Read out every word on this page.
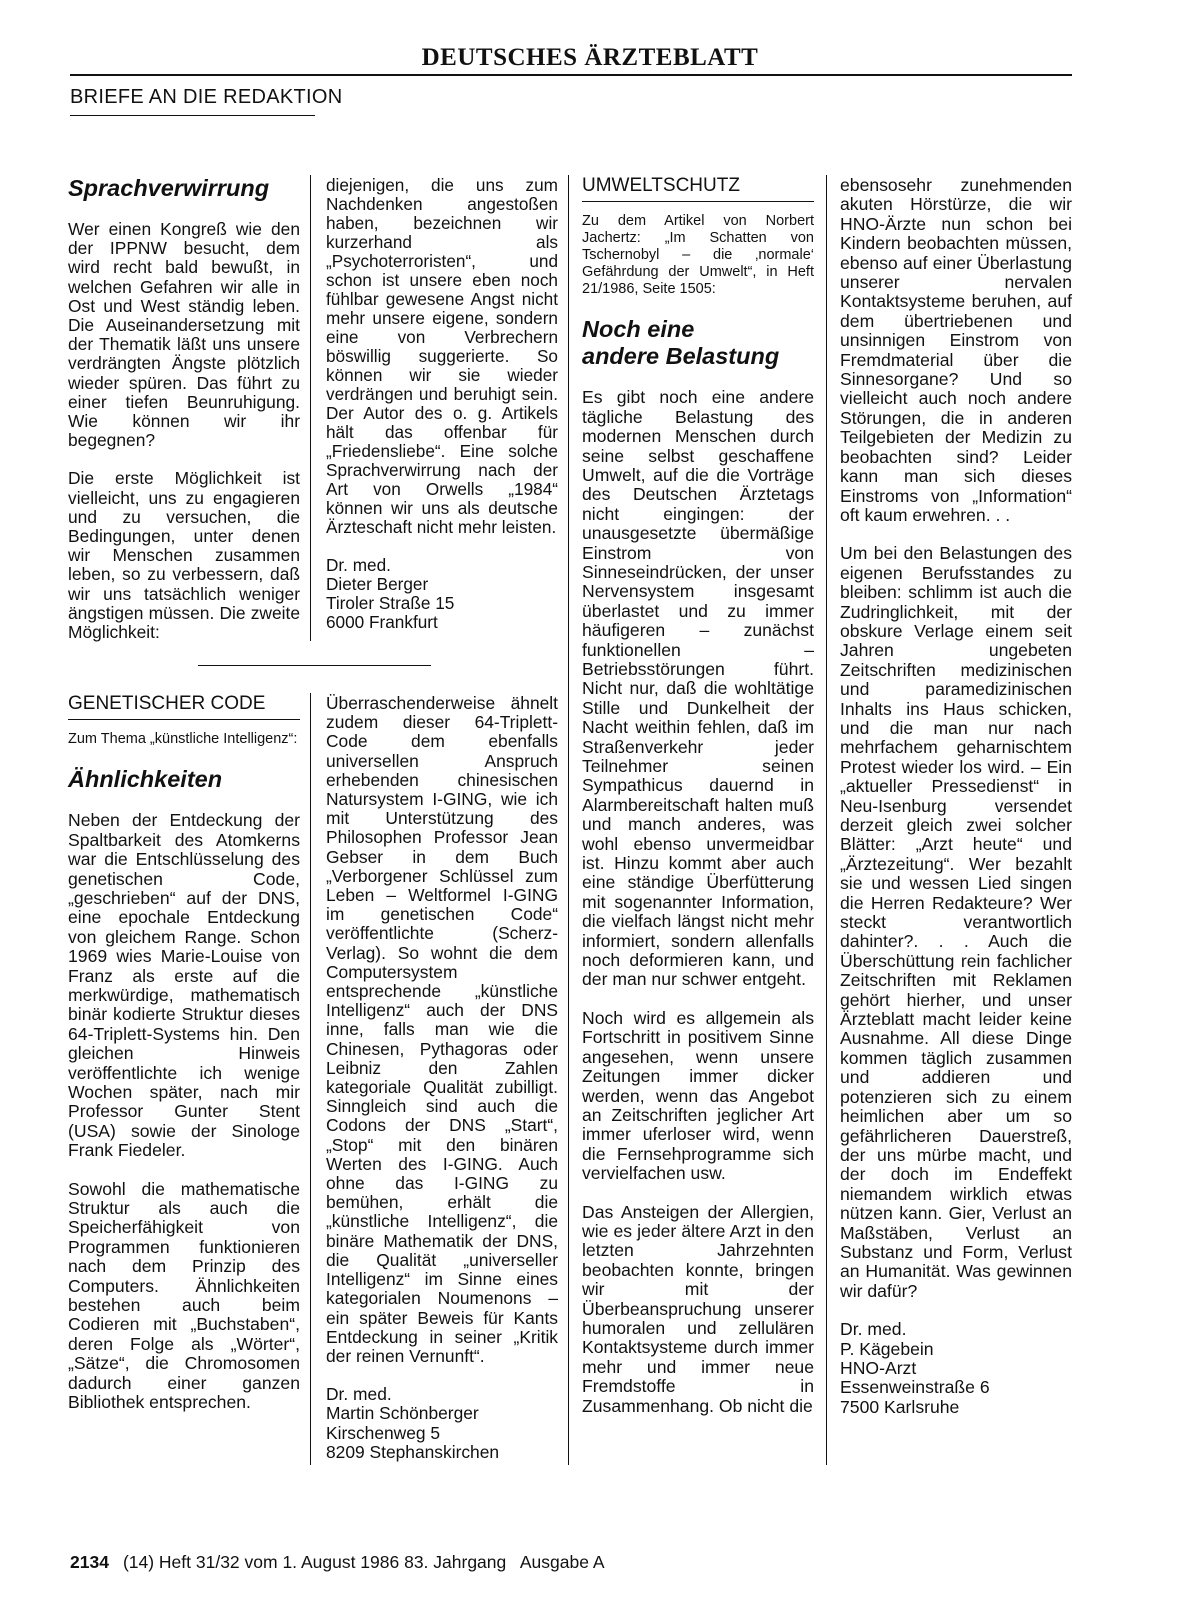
DEUTSCHES ÄRZTEBLATT
BRIEFE AN DIE REDAKTION
Sprachverwirrung

Wer einen Kongreß wie den der IPPNW besucht, dem wird recht bald bewußt, in welchen Gefahren wir alle in Ost und West ständig leben. Die Auseinandersetzung mit der Thematik läßt uns unsere verdrängten Ängste plötzlich wieder spüren. Das führt zu einer tiefen Beunruhigung. Wie können wir ihr begegnen?

Die erste Möglichkeit ist vielleicht, uns zu engagieren und zu versuchen, die Bedingungen, unter denen wir Menschen zusammen leben, so zu verbessern, daß wir uns tatsächlich weniger ängstigen müssen. Die zweite Möglichkeit:

diejenigen, die uns zum Nachdenken angestoßen haben, bezeichnen wir kurzerhand als „Psychoterroristen“, und schon ist unsere eben noch fühlbar gewesene Angst nicht mehr unsere eigene, sondern eine von Verbrechern böswillig suggerierte. So können wir sie wieder verdrängen und beruhigt sein. Der Autor des o. g. Artikels hält das offenbar für „Friedensliebe“. Eine solche Sprachverwirrung nach der Art von Orwells „1984“ können wir uns als deutsche Ärzteschaft nicht mehr leisten.

Dr. med.
Dieter Berger
Tiroler Straße 15
6000 Frankfurt
GENETISCHER CODE
Zum Thema „künstliche Intelligenz“:
Ähnlichkeiten

Neben der Entdeckung der Spaltbarkeit des Atomkerns war die Entschlüsselung des genetischen Code, „geschrieben“ auf der DNS, eine epochale Entdeckung von gleichem Range. Schon 1969 wies Marie-Louise von Franz als erste auf die merkwürdige, mathematisch binär kodierte Struktur dieses 64-Triplett-Systems hin. Den gleichen Hinweis veröffentlichte ich wenige Wochen später, nach mir Professor Gunter Stent (USA) sowie der Sinologe Frank Fiedeler.

Sowohl die mathematische Struktur als auch die Speicherfähigkeit von Programmen funktionieren nach dem Prinzip des Computers. Ähnlichkeiten bestehen auch beim Codieren mit „Buchstaben“, deren Folge als „Wörter“, „Sätze“, die Chromosomen dadurch einer ganzen Bibliothek entsprechen.

Überraschenderweise ähnelt zudem dieser 64-Triplett-Code dem ebenfalls universellen Anspruch erhebenden chinesischen Natursystem I-GING, wie ich mit Unterstützung des Philosophen Professor Jean Gebser in dem Buch „Verborgener Schlüssel zum Leben – Weltformel I-GING im genetischen Code“ veröffentlichte (Scherz-Verlag). So wohnt die dem Computersystem entsprechende „künstliche Intelligenz“ auch der DNS inne, falls man wie die Chinesen, Pythagoras oder Leibniz den Zahlen kategoriale Qualität zubilligt. Sinngleich sind auch die Codons der DNS „Start“, „Stop“ mit den binären Werten des I-GING. Auch ohne das I-GING zu bemühen, erhält die „künstliche Intelligenz“, die binäre Mathematik der DNS, die Qualität „universeller Intelligenz“ im Sinne eines kategorialen Noumenons – ein später Beweis für Kants Entdeckung in seiner „Kritik der reinen Vernunft“.

Dr. med.
Martin Schönberger
Kirschenweg 5
8209 Stephanskirchen
UMWELTSCHUTZ
Zu dem Artikel von Norbert Jachertz: „Im Schatten von Tschernobyl – die ‚normale‘ Gefährdung der Umwelt“, in Heft 21/1986, Seite 1505:
Noch eine
andere Belastung

Es gibt noch eine andere tägliche Belastung des modernen Menschen durch seine selbst geschaffene Umwelt, auf die die Vorträge des Deutschen Ärztetags nicht eingingen: der unausgesetzte übermäßige Einstrom von Sinneseindrücken, der unser Nervensystem insgesamt überlastet und zu immer häufigeren – zunächst funktionellen – Betriebsstörungen führt. Nicht nur, daß die wohltätige Stille und Dunkelheit der Nacht weithin fehlen, daß im Straßenverkehr jeder Teilnehmer seinen Sympathicus dauernd in Alarmbereitschaft halten muß und manch anderes, was wohl ebenso unvermeidbar ist. Hinzu kommt aber auch eine ständige Überfütterung mit sogenannter Information, die vielfach längst nicht mehr informiert, sondern allenfalls noch deformieren kann, und der man nur schwer entgeht.

Noch wird es allgemein als Fortschritt in positivem Sinne angesehen, wenn unsere Zeitungen immer dicker werden, wenn das Angebot an Zeitschriften jeglicher Art immer uferloser wird, wenn die Fernsehprogramme sich vervielfachen usw.

Das Ansteigen der Allergien, wie es jeder ältere Arzt in den letzten Jahrzehnten beobachten konnte, bringen wir mit der Überbeanspruchung unserer humoralen und zellulären Kontaktsysteme durch immer mehr und immer neue Fremdstoffe in Zusammenhang. Ob nicht die

ebensosehr zunehmenden akuten Hörstürze, die wir HNO-Ärzte nun schon bei Kindern beobachten müssen, ebenso auf einer Überlastung unserer nervalen Kontaktsysteme beruhen, auf dem übertriebenen und unsinnigen Einstrom von Fremdmaterial über die Sinnesorgane? Und so vielleicht auch noch andere Störungen, die in anderen Teilgebieten der Medizin zu beobachten sind? Leider kann man sich dieses Einstroms von „Information“ oft kaum erwehren. . .

Um bei den Belastungen des eigenen Berufsstandes zu bleiben: schlimm ist auch die Zudringlichkeit, mit der obskure Verlage einem seit Jahren ungebeten Zeitschriften medizinischen und paramedizinischen Inhalts ins Haus schicken, und die man nur nach mehrfachem geharnischtem Protest wieder los wird. – Ein „aktueller Pressedienst“ in Neu-Isenburg versendet derzeit gleich zwei solcher Blätter: „Arzt heute“ und „Ärztezeitung“. Wer bezahlt sie und wessen Lied singen die Herren Redakteure? Wer steckt verantwortlich dahinter?. . . Auch die Überschüttung rein fachlicher Zeitschriften mit Reklamen gehört hierher, und unser Ärzteblatt macht leider keine Ausnahme. All diese Dinge kommen täglich zusammen und addieren und potenzieren sich zu einem heimlichen aber um so gefährlicheren Dauerstreß, der uns mürbe macht, und der doch im Endeffekt niemandem wirklich etwas nützen kann. Gier, Verlust an Maßstäben, Verlust an Substanz und Form, Verlust an Humanität. Was gewinnen wir dafür?

Dr. med.
P. Kägebein
HNO-Arzt
Essenweinstraße 6
7500 Karlsruhe
2134 (14) Heft 31/32 vom 1. August 1986 83. Jahrgang   Ausgabe A
